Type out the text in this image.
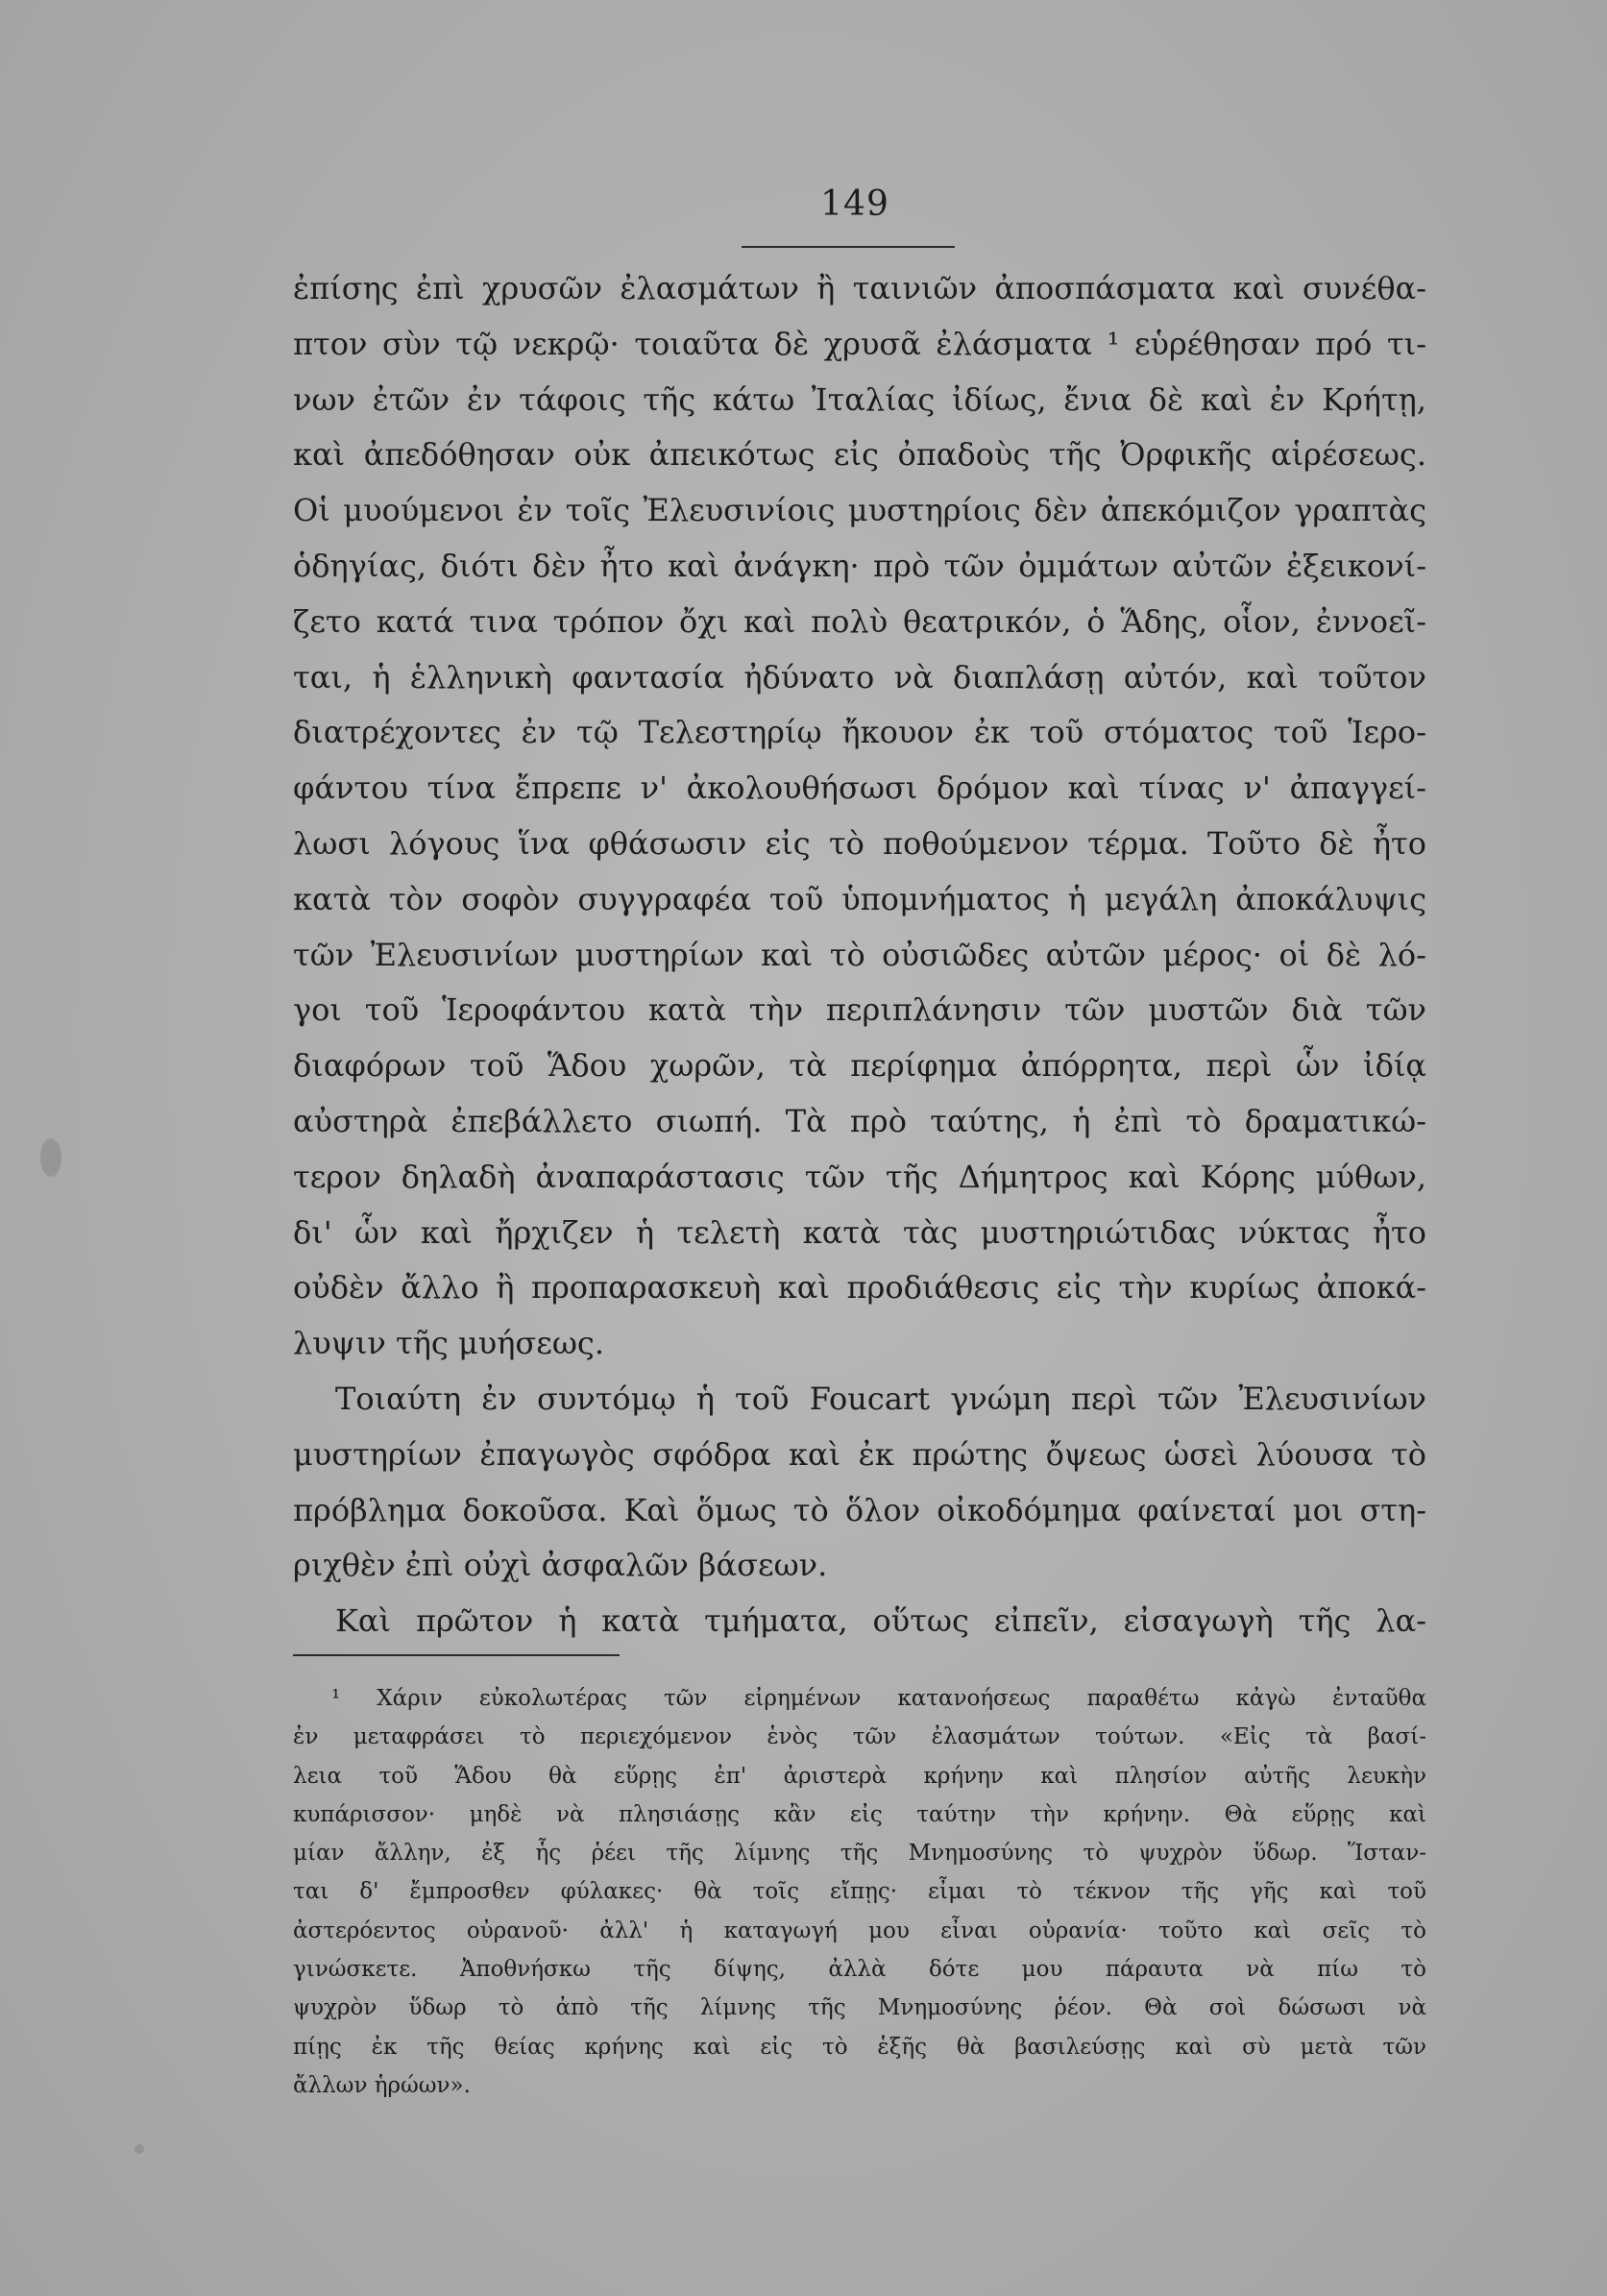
149
ἐπίσης ἐπὶ χρυσῶν ἐλασμάτων ἢ ταινιῶν ἀποσπάσματα καὶ συνέθα-
πτον σὺν τῷ νεκρῷ· τοιαῦτα δὲ χρυσᾶ ἐλάσματα ¹ εὑρέθησαν πρό τι-
νων ἐτῶν ἐν τάφοις τῆς κάτω Ἰταλίας ἰδίως, ἔνια δὲ καὶ ἐν Κρήτῃ,
καὶ ἀπεδόθησαν οὐκ ἀπεικότως εἰς ὀπαδοὺς τῆς Ὀρφικῆς αἱρέσεως.
Οἱ μυούμενοι ἐν τοῖς Ἐλευσινίοις μυστηρίοις δὲν ἀπεκόμιζον γραπτὰς
ὁδηγίας, διότι δὲν ἦτο καὶ ἀνάγκη· πρὸ τῶν ὀμμάτων αὐτῶν ἐξεικονί-
ζετο κατά τινα τρόπον ὄχι καὶ πολὺ θεατρικόν, ὁ Ἅδης, οἷον, ἐννοεῖ-
ται, ἡ ἑλληνικὴ φαντασία ἠδύνατο νὰ διαπλάσῃ αὐτόν, καὶ τοῦτον
διατρέχοντες ἐν τῷ Τελεστηρίῳ ἤκουον ἐκ τοῦ στόματος τοῦ Ἱερο-
φάντου τίνα ἔπρεπε ν' ἀκολουθήσωσι δρόμον καὶ τίνας ν' ἀπαγγεί-
λωσι λόγους ἵνα φθάσωσιν εἰς τὸ ποθούμενον τέρμα. Τοῦτο δὲ ἦτο
κατὰ τὸν σοφὸν συγγραφέα τοῦ ὑπομνήματος ἡ μεγάλη ἀποκάλυψις
τῶν Ἐλευσινίων μυστηρίων καὶ τὸ οὐσιῶδες αὐτῶν μέρος· οἱ δὲ λό-
γοι τοῦ Ἱεροφάντου κατὰ τὴν περιπλάνησιν τῶν μυστῶν διὰ τῶν
διαφόρων τοῦ Ἅδου χωρῶν, τὰ περίφημα ἀπόρρητα, περὶ ὧν ἰδίᾳ
αὐστηρὰ ἐπεβάλλετο σιωπή. Τὰ πρὸ ταύτης, ἡ ἐπὶ τὸ δραματικώ-
τερον δηλαδὴ ἀναπαράστασις τῶν τῆς Δήμητρος καὶ Κόρης μύθων,
δι' ὧν καὶ ἤρχιζεν ἡ τελετὴ κατὰ τὰς μυστηριώτιδας νύκτας ἦτο
οὐδὲν ἄλλο ἢ προπαρασκευὴ καὶ προδιάθεσις εἰς τὴν κυρίως ἀποκά-
λυψιν τῆς μυήσεως.
Τοιαύτη ἐν συντόμῳ ἡ τοῦ Foucart γνώμη περὶ τῶν Ἐλευσινίων
μυστηρίων ἐπαγωγὸς σφόδρα καὶ ἐκ πρώτης ὄψεως ὡσεὶ λύουσα τὸ
πρόβλημα δοκοῦσα. Καὶ ὅμως τὸ ὅλον οἰκοδόμημα φαίνεταί μοι στη-
ριχθὲν ἐπὶ οὐχὶ ἀσφαλῶν βάσεων.
Καὶ πρῶτον ἡ κατὰ τμήματα, οὕτως εἰπεῖν, εἰσαγωγὴ τῆς λα-
¹ Χάριν εὐκολωτέρας τῶν εἰρημένων κατανοήσεως παραθέτω κἀγὼ ἐνταῦθα
ἐν μεταφράσει τὸ περιεχόμενον ἑνὸς τῶν ἐλασμάτων τούτων. «Εἰς τὰ βασί-
λεια τοῦ Ἅδου θὰ εὕρῃς ἐπ' ἀριστερὰ κρήνην καὶ πλησίον αὐτῆς λευκὴν
κυπάρισσον· μηδὲ νὰ πλησιάσῃς κἂν εἰς ταύτην τὴν κρήνην. Θὰ εὕρῃς καὶ
μίαν ἄλλην, ἐξ ἧς ῥέει τῆς λίμνης τῆς Μνημοσύνης τὸ ψυχρὸν ὕδωρ. Ἵσταν-
ται δ' ἔμπροσθεν φύλακες· θὰ τοῖς εἴπῃς· εἶμαι τὸ τέκνον τῆς γῆς καὶ τοῦ
ἀστερόεντος οὐρανοῦ· ἀλλ' ἡ καταγωγή μου εἶναι οὐρανία· τοῦτο καὶ σεῖς τὸ
γινώσκετε. Ἀποθνήσκω τῆς δίψης, ἀλλὰ δότε μου πάραυτα νὰ πίω τὸ
ψυχρὸν ὕδωρ τὸ ἀπὸ τῆς λίμνης τῆς Μνημοσύνης ῥέον. Θὰ σοὶ δώσωσι νὰ
πίῃς ἐκ τῆς θείας κρήνης καὶ εἰς τὸ ἑξῆς θὰ βασιλεύσῃς καὶ σὺ μετὰ τῶν
ἄλλων ἡρώων».
